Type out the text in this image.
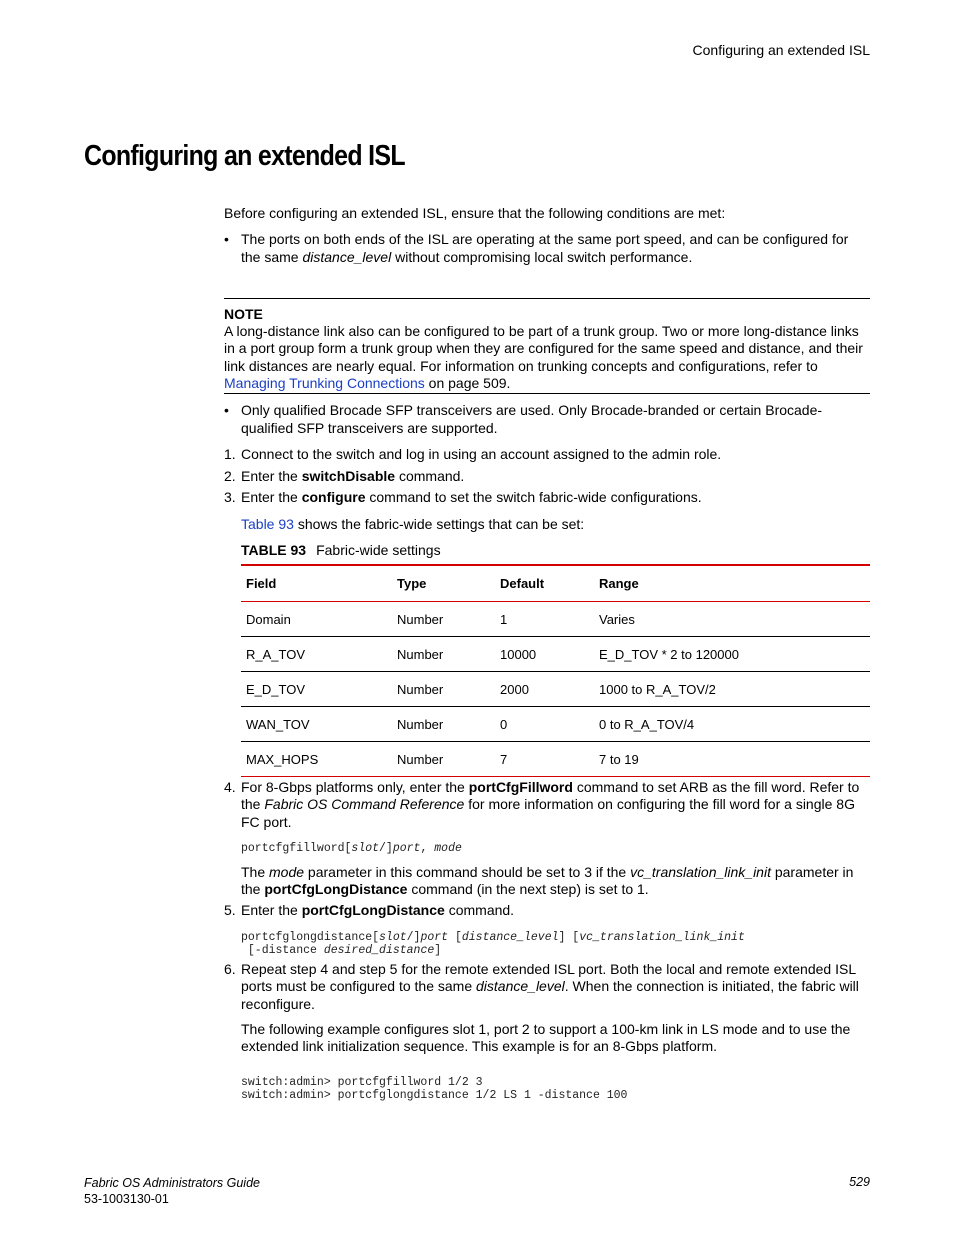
Configuring an extended ISL
Configuring an extended ISL
Before configuring an extended ISL, ensure that the following conditions are met:
• The ports on both ends of the ISL are operating at the same port speed, and can be configured for the same distance_level without compromising local switch performance.
NOTE
A long-distance link also can be configured to be part of a trunk group. Two or more long-distance links in a port group form a trunk group when they are configured for the same speed and distance, and their link distances are nearly equal. For information on trunking concepts and configurations, refer to Managing Trunking Connections on page 509.
• Only qualified Brocade SFP transceivers are used. Only Brocade-branded or certain Brocade-qualified SFP transceivers are supported.
1. Connect to the switch and log in using an account assigned to the admin role.
2. Enter the switchDisable command.
3. Enter the configure command to set the switch fabric-wide configurations.
Table 93 shows the fabric-wide settings that can be set:
TABLE 93 Fabric-wide settings
Field	Type	Default	Range
Domain	Number	1	Varies
R_A_TOV	Number	10000	E_D_TOV * 2 to 120000
E_D_TOV	Number	2000	1000 to R_A_TOV/2
WAN_TOV	Number	0	0 to R_A_TOV/4
MAX_HOPS	Number	7	7 to 19
4. For 8-Gbps platforms only, enter the portCfgFillword command to set ARB as the fill word. Refer to the Fabric OS Command Reference for more information on configuring the fill word for a single 8G FC port.
portcfgfillword[slot/]port, mode
The mode parameter in this command should be set to 3 if the vc_translation_link_init parameter in the portCfgLongDistance command (in the next step) is set to 1.
5. Enter the portCfgLongDistance command.
portcfglongdistance[slot/]port [distance_level] [vc_translation_link_init
[-distance desired_distance]
6. Repeat step 4 and step 5 for the remote extended ISL port. Both the local and remote extended ISL ports must be configured to the same distance_level. When the connection is initiated, the fabric will reconfigure.
The following example configures slot 1, port 2 to support a 100-km link in LS mode and to use the extended link initialization sequence. This example is for an 8-Gbps platform.
switch:admin> portcfgfillword 1/2 3
switch:admin> portcfglongdistance 1/2 LS 1 -distance 100
Fabric OS Administrators Guide
53-1003130-01
529
